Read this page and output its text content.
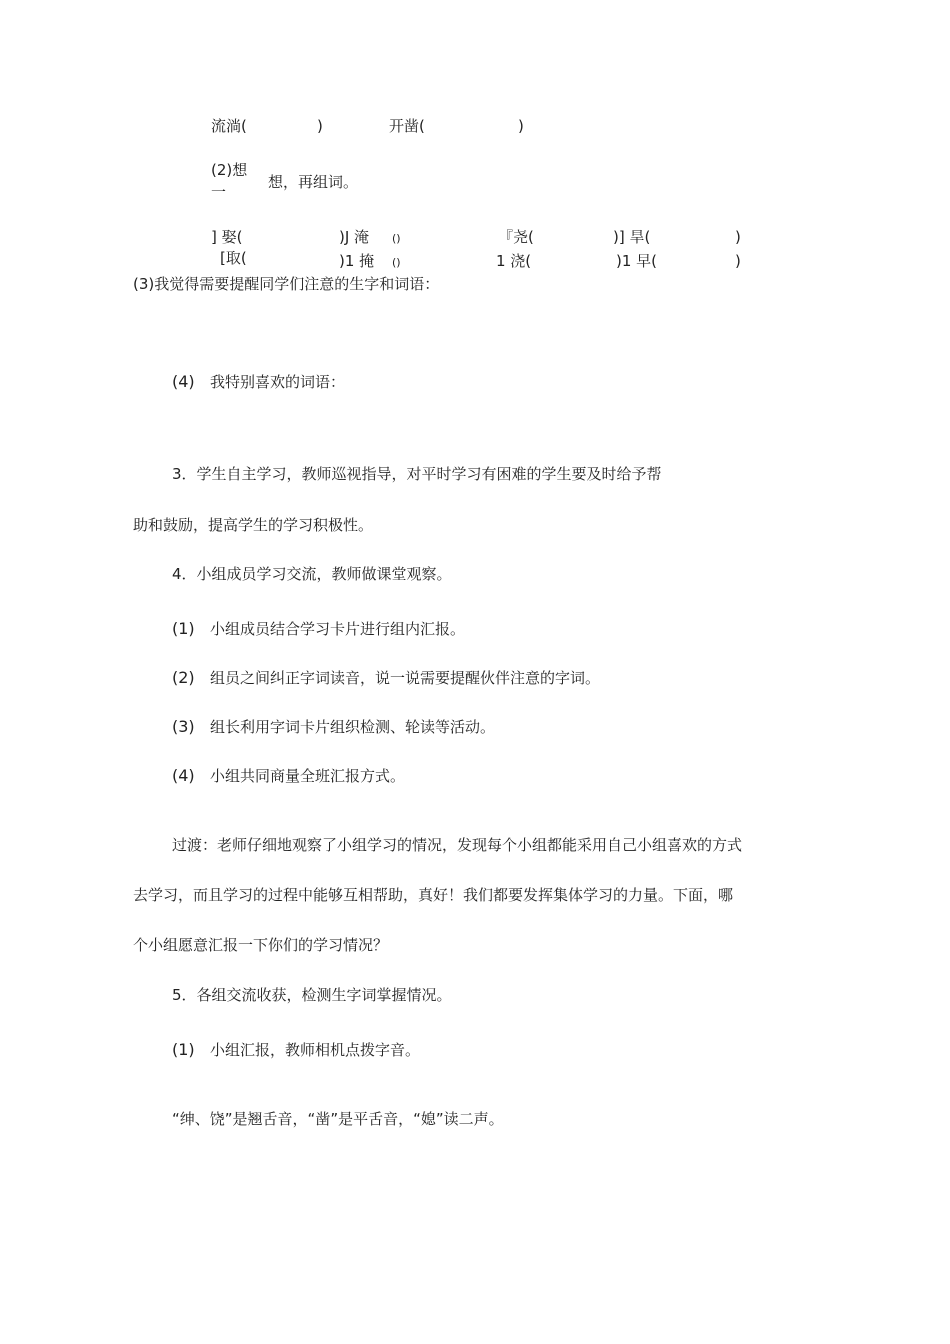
流淌(	)	开凿(	)
(2)想
一
想，再组词。
] 娶(	)J 淹 ()	『尧(	)] 旱(	)
[取(	)1 掩 ()	1 浇(	)1 早(	)
(3)我觉得需要提醒同学们注意的生字和词语：
(4) 我特别喜欢的词语：
3．学生自主学习，教师巡视指导，对平时学习有困难的学生要及时给予帮
助和鼓励，提高学生的学习积极性。
4．小组成员学习交流，教师做课堂观察。
(1) 小组成员结合学习卡片进行组内汇报。
(2) 组员之间纠正字词读音，说一说需要提醒伙伴注意的字词。
(3) 组长利用字词卡片组织检测、轮读等活动。
(4) 小组共同商量全班汇报方式。
过渡：老师仔细地观察了小组学习的情况，发现每个小组都能采用自己小组喜欢的方式
去学习，而且学习的过程中能够互相帮助，真好！我们都要发挥集体学习的力量。下面，哪
个小组愿意汇报一下你们的学习情况？
5．各组交流收获，检测生字词掌握情况。
(1) 小组汇报，教师相机点拨字音。
“绅、饶”是翘舌音，“凿”是平舌音，“媳”读二声。
